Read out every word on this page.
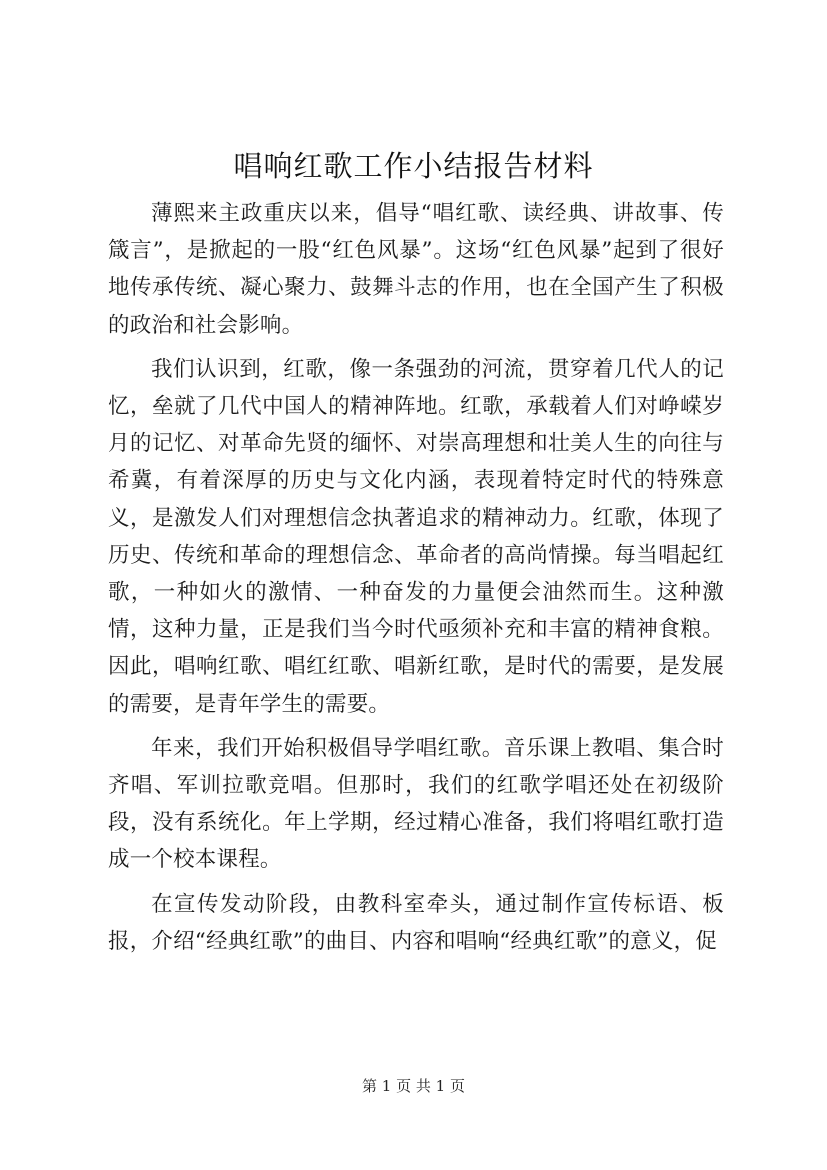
唱响红歌工作小结报告材料

薄熙来主政重庆以来，倡导“唱红歌、读经典、讲故事、传箴言”，是掀起的一股“红色风暴”。这场“红色风暴”起到了很好地传承传统、凝心聚力、鼓舞斗志的作用，也在全国产生了积极的政治和社会影响。

我们认识到，红歌，像一条强劲的河流，贯穿着几代人的记忆，垒就了几代中国人的精神阵地。红歌，承载着人们对峥嵘岁月的记忆、对革命先贤的缅怀、对崇高理想和壮美人生的向往与希冀，有着深厚的历史与文化内涵，表现着特定时代的特殊意义，是激发人们对理想信念执著追求的精神动力。红歌，体现了历史、传统和革命的理想信念、革命者的高尚情操。每当唱起红歌，一种如火的激情、一种奋发的力量便会油然而生。这种激情，这种力量，正是我们当今时代亟须补充和丰富的精神食粮。因此，唱响红歌、唱红红歌、唱新红歌，是时代的需要，是发展的需要，是青年学生的需要。

年来，我们开始积极倡导学唱红歌。音乐课上教唱、集合时齐唱、军训拉歌竞唱。但那时，我们的红歌学唱还处在初级阶段，没有系统化。年上学期，经过精心准备，我们将唱红歌打造成一个校本课程。

在宣传发动阶段，由教科室牵头，通过制作宣传标语、板报，介绍“经典红歌”的曲目、内容和唱响“经典红歌”的意义，促

第 1 页 共 1 页
